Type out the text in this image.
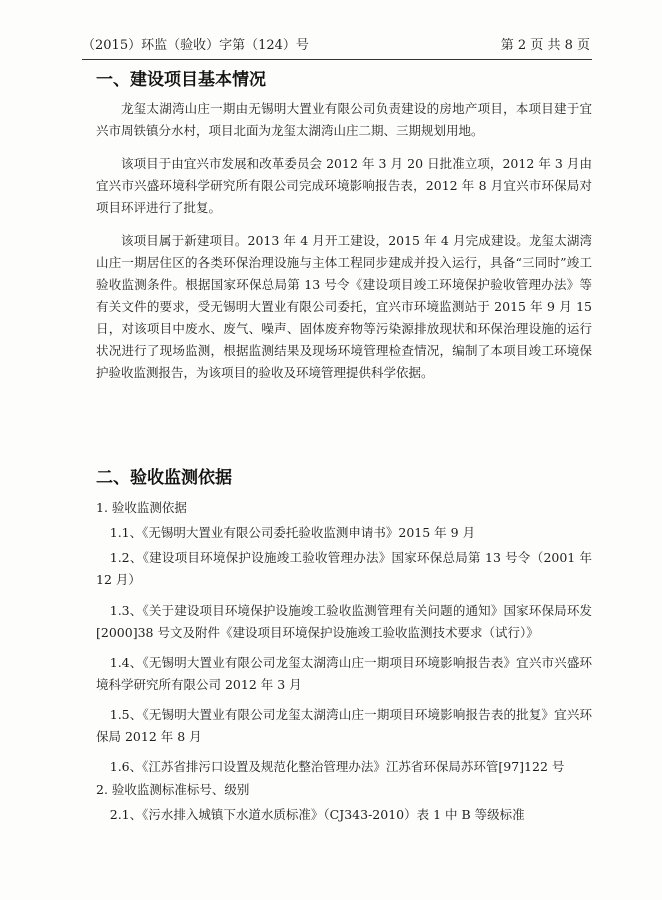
（2015）环监（验收）字第（124）号	第 2 页 共 8 页
一、建设项目基本情况

龙玺太湖湾山庄一期由无锡明大置业有限公司负责建设的房地产项目，本项目建于宜兴市周铁镇分水村，项目北面为龙玺太湖湾山庄二期、三期规划用地。

该项目于由宜兴市发展和改革委员会 2012 年 3 月 20 日批准立项，2012 年 3 月由宜兴市兴盛环境科学研究所有限公司完成环境影响报告表，2012 年 8 月宜兴市环保局对项目环评进行了批复。

该项目属于新建项目。2013 年 4 月开工建设，2015 年 4 月完成建设。龙玺太湖湾山庄一期居住区的各类环保治理设施与主体工程同步建成并投入运行，具备“三同时”竣工验收监测条件。根据国家环保总局第 13 号令《建设项目竣工环境保护验收管理办法》等有关文件的要求，受无锡明大置业有限公司委托，宜兴市环境监测站于 2015 年 9 月 15 日，对该项目中废水、废气、噪声、固体废弃物等污染源排放现状和环保治理设施的运行状况进行了现场监测，根据监测结果及现场环境管理检查情况，编制了本项目竣工环境保护验收监测报告，为该项目的验收及环境管理提供科学依据。

二、验收监测依据

1. 验收监测依据

1.1、《无锡明大置业有限公司委托验收监测申请书》2015 年 9 月

1.2、《建设项目环境保护设施竣工验收管理办法》国家环保总局第 13 号令（2001 年 12 月）

1.3、《关于建设项目环境保护设施竣工验收监测管理有关问题的通知》国家环保局环发[2000]38 号文及附件《建设项目环境保护设施竣工验收监测技术要求（试行）》

1.4、《无锡明大置业有限公司龙玺太湖湾山庄一期项目环境影响报告表》宜兴市兴盛环境科学研究所有限公司 2012 年 3 月

1.5、《无锡明大置业有限公司龙玺太湖湾山庄一期项目环境影响报告表的批复》宜兴环保局 2012 年 8 月

1.6、《江苏省排污口设置及规范化整治管理办法》江苏省环保局苏环管[97]122 号

2. 验收监测标准标号、级别

2.1、《污水排入城镇下水道水质标准》（CJ343-2010）表 1 中 B 等级标准
